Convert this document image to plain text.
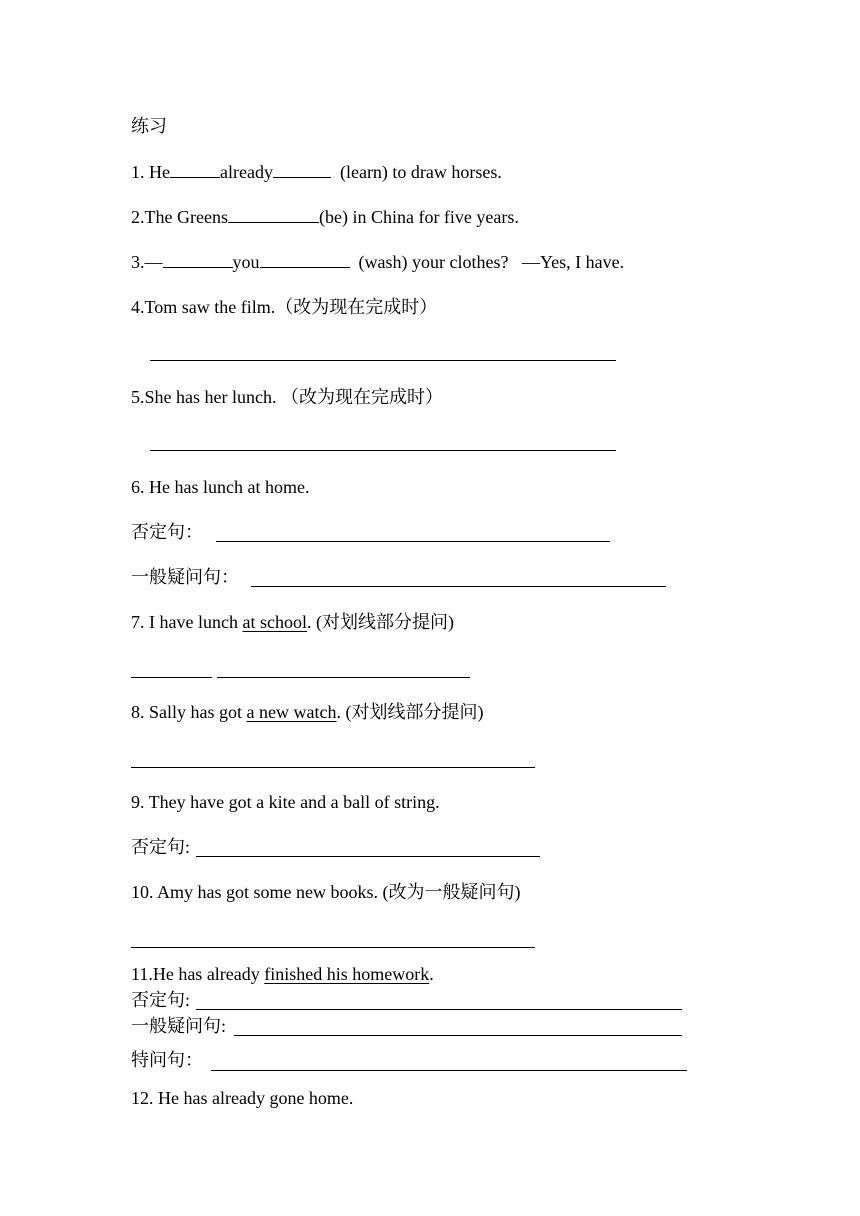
练习
1. He	already	(learn) to draw horses.
2.The Greens	(be) in China for five years.
3.—	you	(wash) your clothes? —Yes, I have.
4.Tom saw the film.（改为现在完成时）
5.She has her lunch. （改为现在完成时）
6. He has lunch at home.
否定句：
一般疑问句：
7. I have lunch at school. (对划线部分提问)
8. Sally has got a new watch. (对划线部分提问)
9. They have got a kite and a ball of string.
否定句:
10. Amy has got some new books. (改为一般疑问句)
11.He has already finished his homework.
否定句:
一般疑问句:
特问句：
12. He has already gone home.
